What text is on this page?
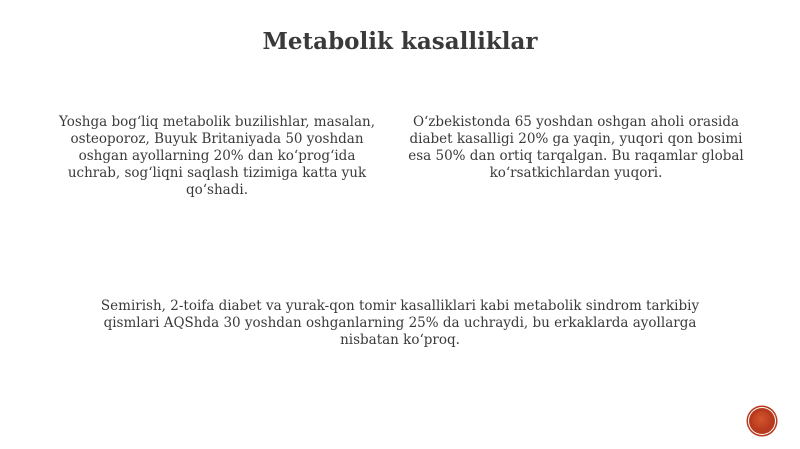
Metabolik kasalliklar

Yoshga bog‘liq metabolik buzilishlar, masalan, osteoporoz, Buyuk Britaniyada 50 yoshdan oshgan ayollarning 20% dan ko‘prog‘ida uchrab, sog‘liqni saqlash tizimiga katta yuk qo‘shadi.

O‘zbekistonda 65 yoshdan oshgan aholi orasida diabet kasalligi 20% ga yaqin, yuqori qon bosimi esa 50% dan ortiq tarqalgan. Bu raqamlar global ko‘rsatkichlardan yuqori.

Semirish, 2-toifa diabet va yurak-qon tomir kasalliklari kabi metabolik sindrom tarkibiy qismlari AQShda 30 yoshdan oshganlarning 25% da uchraydi, bu erkaklarda ayollarga nisbatan ko‘proq.
